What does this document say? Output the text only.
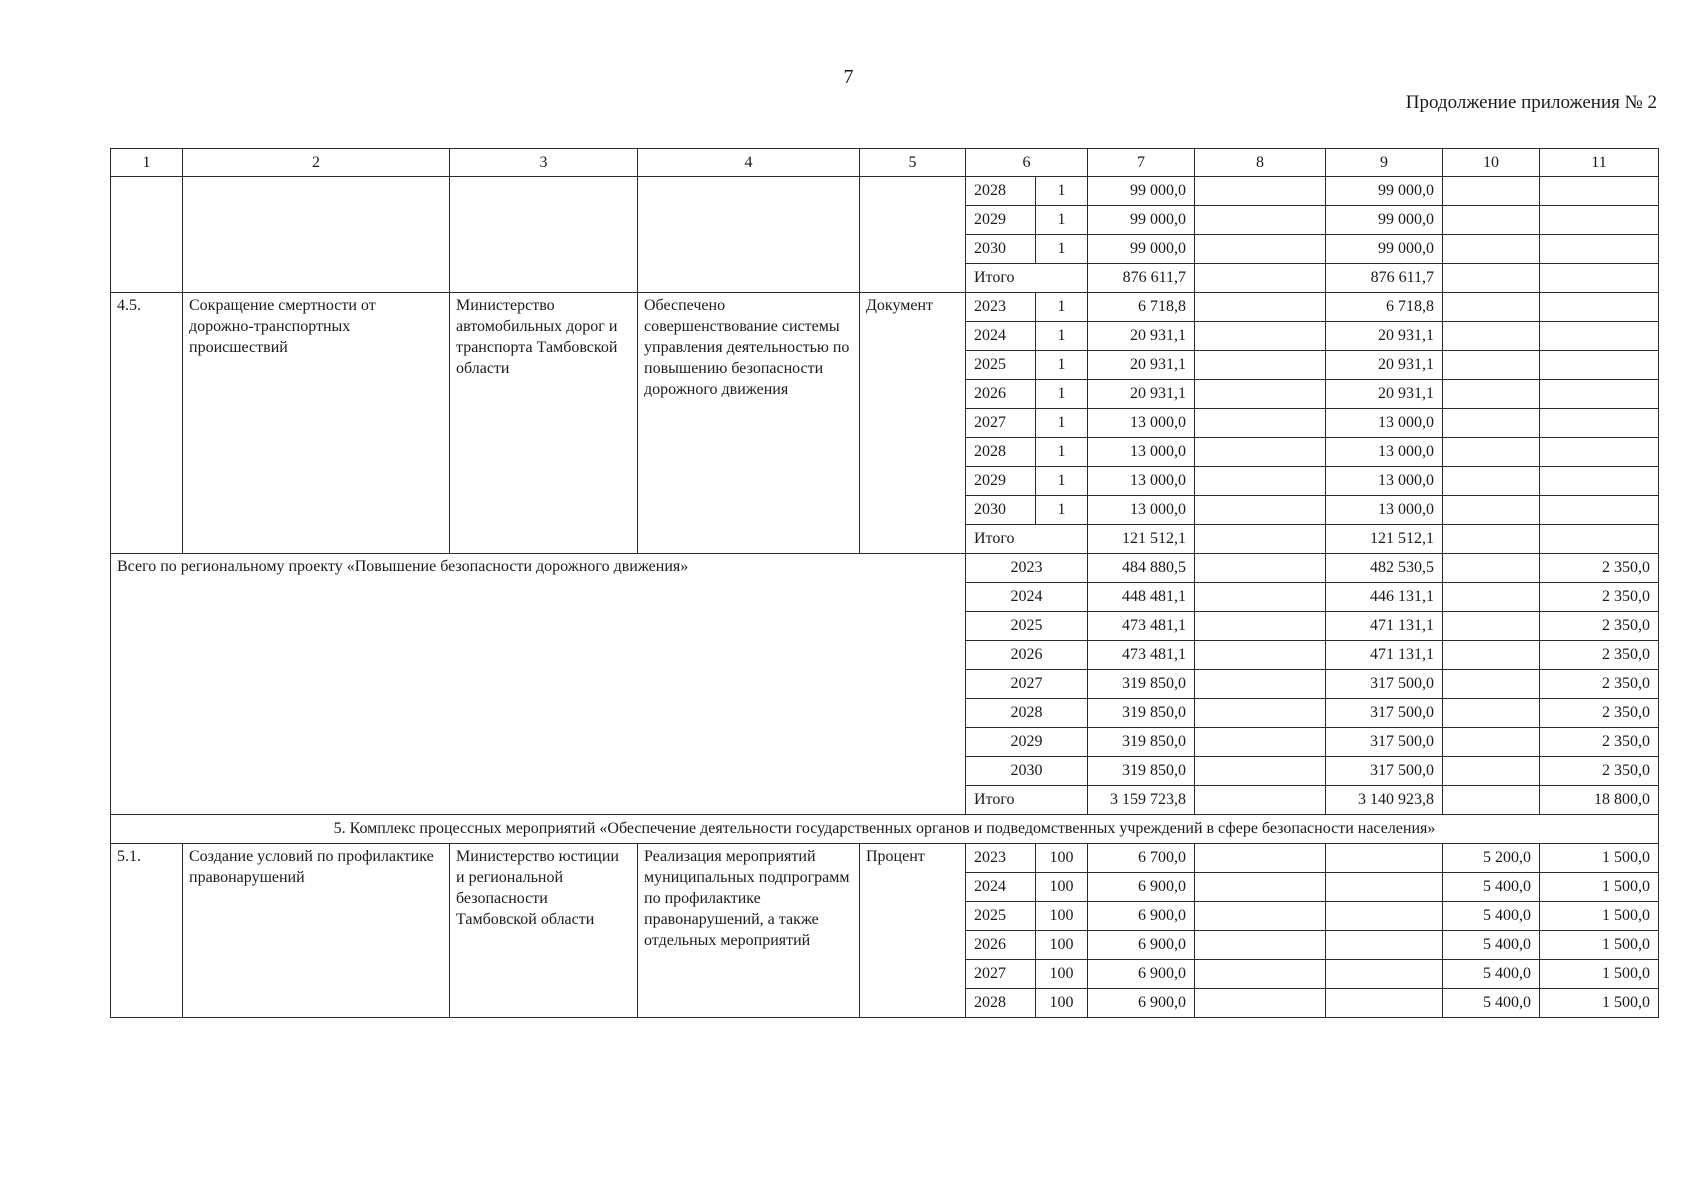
7
Продолжение приложения № 2
1	2	3	4	5	6		7	8	9	10	11
					2028	1	99 000,0		99 000,0		
					2029	1	99 000,0		99 000,0		
					2030	1	99 000,0		99 000,0		
					Итого		876 611,7		876 611,7		
4.5.	Сокращение смертности от дорожно-транспортных происшествий	Министерство автомобильных дорог и транспорта Тамбовской области	Обеспечено совершенствование системы управления деятельностью по повышению безопасности дорожного движения	Документ	2023	1	6 718,8		6 718,8		
					2024	1	20 931,1		20 931,1		
					2025	1	20 931,1		20 931,1		
					2026	1	20 931,1		20 931,1		
					2027	1	13 000,0		13 000,0		
					2028	1	13 000,0		13 000,0		
					2029	1	13 000,0		13 000,0		
					2030	1	13 000,0		13 000,0		
					Итого		121 512,1		121 512,1		
Всего по региональному проекту «Повышение безопасности дорожного движения»					2023		484 880,5		482 530,5		2 350,0
					2024		448 481,1		446 131,1		2 350,0
					2025		473 481,1		471 131,1		2 350,0
					2026		473 481,1		471 131,1		2 350,0
					2027		319 850,0		317 500,0		2 350,0
					2028		319 850,0		317 500,0		2 350,0
					2029		319 850,0		317 500,0		2 350,0
					2030		319 850,0		317 500,0		2 350,0
					Итого		3 159 723,8		3 140 923,8		18 800,0
5. Комплекс процессных мероприятий «Обеспечение деятельности государственных органов и подведомственных учреждений в сфере безопасности населения»											
5.1.	Создание условий по профилактике правонарушений	Министерство юстиции и региональной безопасности Тамбовской области	Реализация мероприятий муниципальных подпрограмм по профилактике правонарушений, а также отдельных мероприятий	Процент	2023	100	6 700,0			5 200,0	1 500,0
					2024	100	6 900,0			5 400,0	1 500,0
					2025	100	6 900,0			5 400,0	1 500,0
					2026	100	6 900,0			5 400,0	1 500,0
					2027	100	6 900,0			5 400,0	1 500,0
					2028	100	6 900,0			5 400,0	1 500,0
